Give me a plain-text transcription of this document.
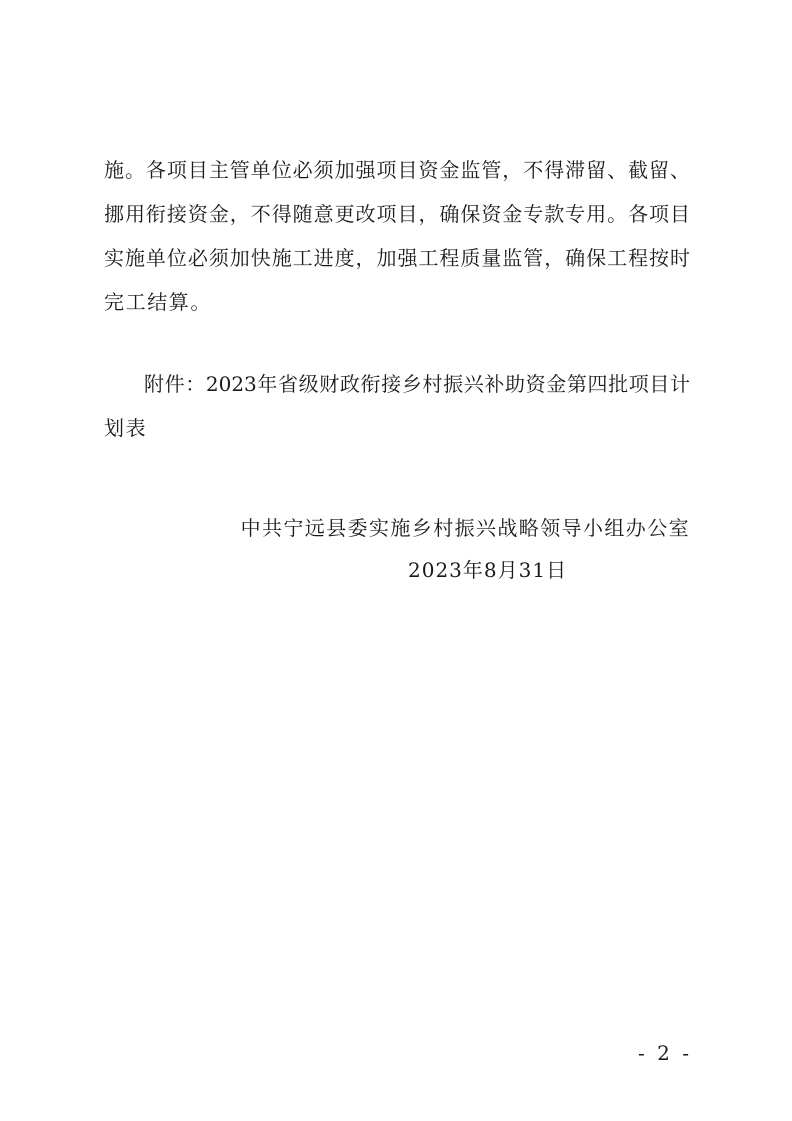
施。各项目主管单位必须加强项目资金监管，不得滞留、截留、
挪用衔接资金，不得随意更改项目，确保资金专款专用。各项目
实施单位必须加快施工进度，加强工程质量监管，确保工程按时
完工结算。
附件：2023年省级财政衔接乡村振兴补助资金第四批项目计
划表
中共宁远县委实施乡村振兴战略领导小组办公室
2023年8月31日
- 2 -
